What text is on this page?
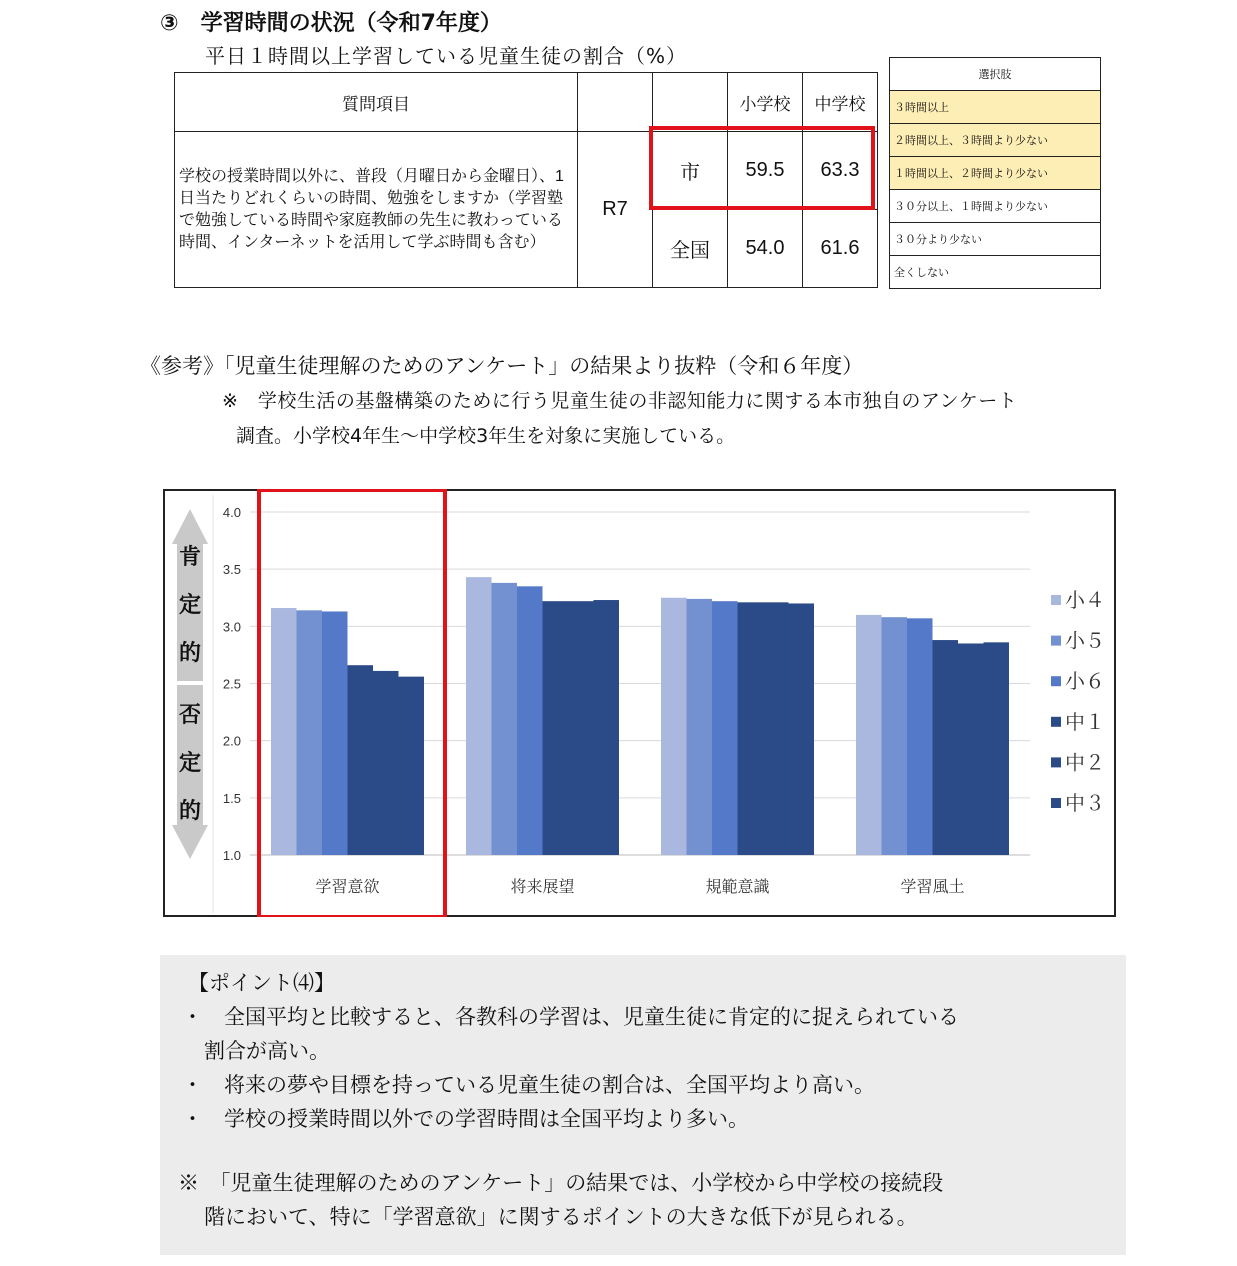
③　学習時間の状況（令和7年度）
平日１時間以上学習している児童生徒の割合（%）
質問項目			小学校	中学校
学校の授業時間以外に、普段（月曜日から金曜日）、1日当たりどれくらいの時間、勉強をしますか（学習塾で勉強している時間や家庭教師の先生に教わっている時間、インターネットを活用して学ぶ時間も含む）	R7	市	59.5	63.3
		全国	54.0	61.6
選択肢
３時間以上
２時間以上、３時間より少ない
１時間以上、２時間より少ない
３０分以上、１時間より少ない
３０分より少ない
全くしない
《参考》「児童生徒理解のためのアンケート」の結果より抜粋（令和６年度）
※　学校生活の基盤構築のために行う児童生徒の非認知能力に関する本市独自のアンケート
調査。小学校4年生～中学校3年生を対象に実施している。
肯
定
的
否
定
的
1.0
1.5
2.0
2.5
3.0
3.5
4.0
学習意欲	将来展望	規範意識	学習風土
小４
小５
小６
中１
中２
中３
【ポイント⑷】
・　全国平均と比較すると、各教科の学習は、児童生徒に肯定的に捉えられている
割合が高い。
・　将来の夢や目標を持っている児童生徒の割合は、全国平均より高い。
・　学校の授業時間以外での学習時間は全国平均より多い。
※　「児童生徒理解のためのアンケート」の結果では、小学校から中学校の接続段
階において、特に「学習意欲」に関するポイントの大きな低下が見られる。
